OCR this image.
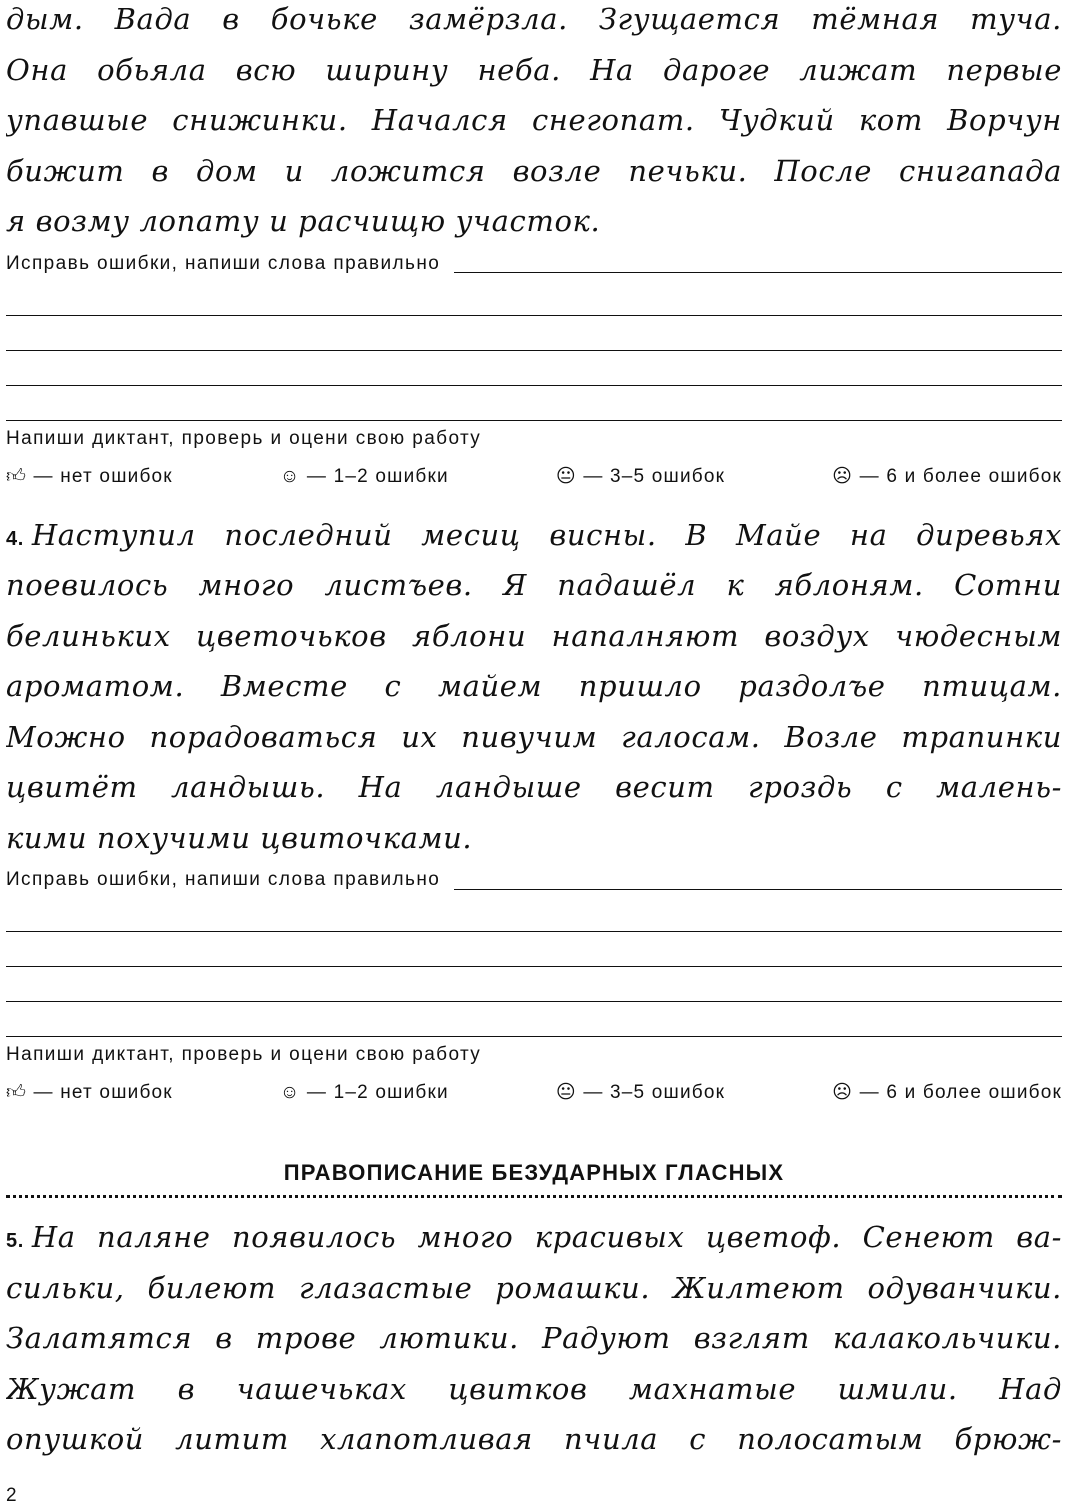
дым. Вада в бочьке замёрзла. Згущается тёмная туча.
Она обьяла всю ширину неба. На дароге лижат первые
упавшые снижинки. Начался снегопат. Чудкий кот Ворчун
бижит в дом и ложится возле печьки. После снигапада
я возму лопату и расчищю участок.
Исправь ошибки, напиши слова правильно
Напиши диктант, проверь и оцени свою работу
👍︎ — нет ошибок	☺ — 1–2 ошибки	😐︎ — 3–5 ошибок	☹ — 6 и более ошибок
4. Наступил последний месиц висны. В Майе на диревьях
поевилось много листъев. Я падашёл к яблоням. Сотни
белиньких цветочьков яблони напалняют воздух чюдесным
ароматом. Вместе с майем пришло раздолъе птицам.
Можно порадоваться их пивучим галосам. Возле трапинки
цвитёт ландышь. На ландыше весит гроздь с малень-
кими похучими цвиточками.
Исправь ошибки, напиши слова правильно
Напиши диктант, проверь и оцени свою работу
👍︎ — нет ошибок	☺ — 1–2 ошибки	😐︎ — 3–5 ошибок	☹ — 6 и более ошибок
ПРАВОПИСАНИЕ БЕЗУДАРНЫХ ГЛАСНЫХ
5. На паляне появилось много красивых цветоф. Сенеют ва-
сильки, билеют глазастые ромашки. Жилтеют одуванчики.
Залатятся в трове лютики. Радуют взглят калакольчики.
Жужат в чашечьках цвитков махнатые шмили. Над
опушкой литит хлапотливая пчила с полосатым брюж-
2
